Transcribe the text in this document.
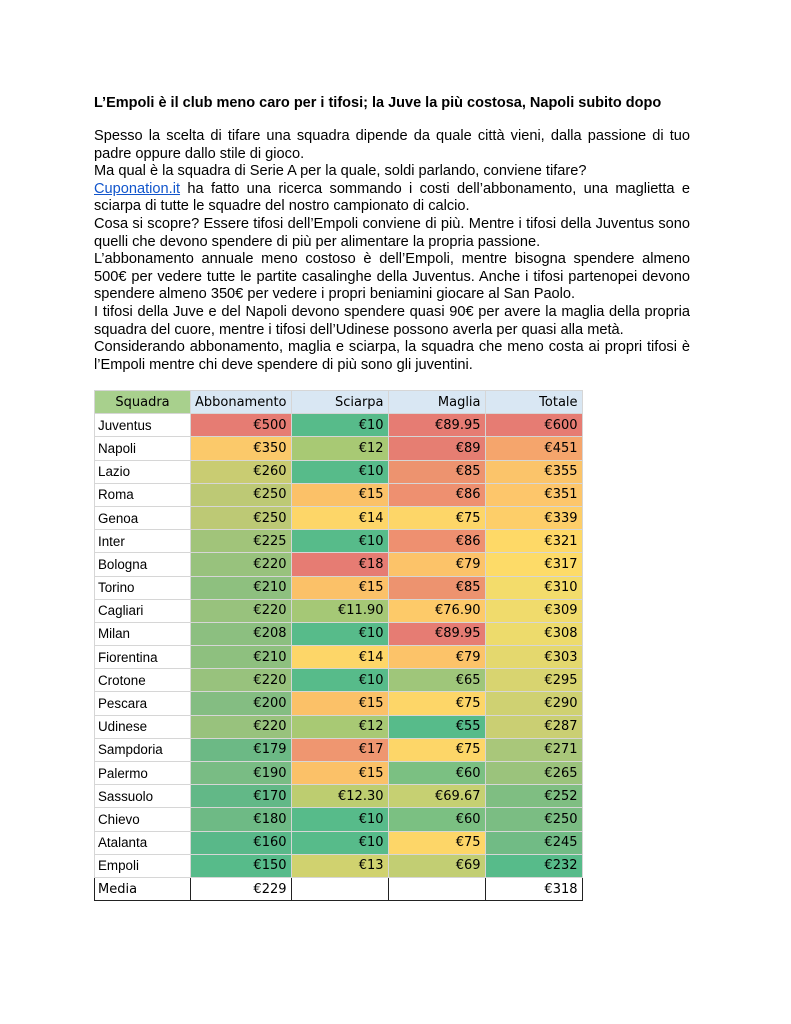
L’Empoli è il club meno caro per i tifosi; la Juve la più costosa, Napoli subito dopo

Spesso la scelta di tifare una squadra dipende da quale città vieni, dalla passione di tuo padre oppure dallo stile di gioco.

Ma qual è la squadra di Serie A per la quale, soldi parlando, conviene tifare?

Cuponation.it ha fatto una ricerca sommando i costi dell’abbonamento, una maglietta e sciarpa di tutte le squadre del nostro campionato di calcio.

Cosa si scopre? Essere tifosi dell’Empoli conviene di più. Mentre i tifosi della Juventus sono quelli che devono spendere di più per alimentare la propria passione.

L’abbonamento annuale meno costoso è dell’Empoli, mentre bisogna spendere almeno 500€ per vedere tutte le partite casalinghe della Juventus. Anche i tifosi partenopei devono spendere almeno 350€ per vedere i propri beniamini giocare al San Paolo.

I tifosi della Juve e del Napoli devono spendere quasi 90€ per avere la maglia della propria squadra del cuore, mentre i tifosi dell’Udinese possono averla per quasi alla metà.

Considerando abbonamento, maglia e sciarpa, la squadra che meno costa ai propri tifosi è l’Empoli mentre chi deve spendere di più sono gli juventini.

Squadra	Abbonamento	Sciarpa	Maglia	Totale
Juventus	€500	€10	€89.95	€600
Napoli	€350	€12	€89	€451
Lazio	€260	€10	€85	€355
Roma	€250	€15	€86	€351
Genoa	€250	€14	€75	€339
Inter	€225	€10	€86	€321
Bologna	€220	€18	€79	€317
Torino	€210	€15	€85	€310
Cagliari	€220	€11.90	€76.90	€309
Milan	€208	€10	€89.95	€308
Fiorentina	€210	€14	€79	€303
Crotone	€220	€10	€65	€295
Pescara	€200	€15	€75	€290
Udinese	€220	€12	€55	€287
Sampdoria	€179	€17	€75	€271
Palermo	€190	€15	€60	€265
Sassuolo	€170	€12.30	€69.67	€252
Chievo	€180	€10	€60	€250
Atalanta	€160	€10	€75	€245
Empoli	€150	€13	€69	€232
Media	€229			€318
